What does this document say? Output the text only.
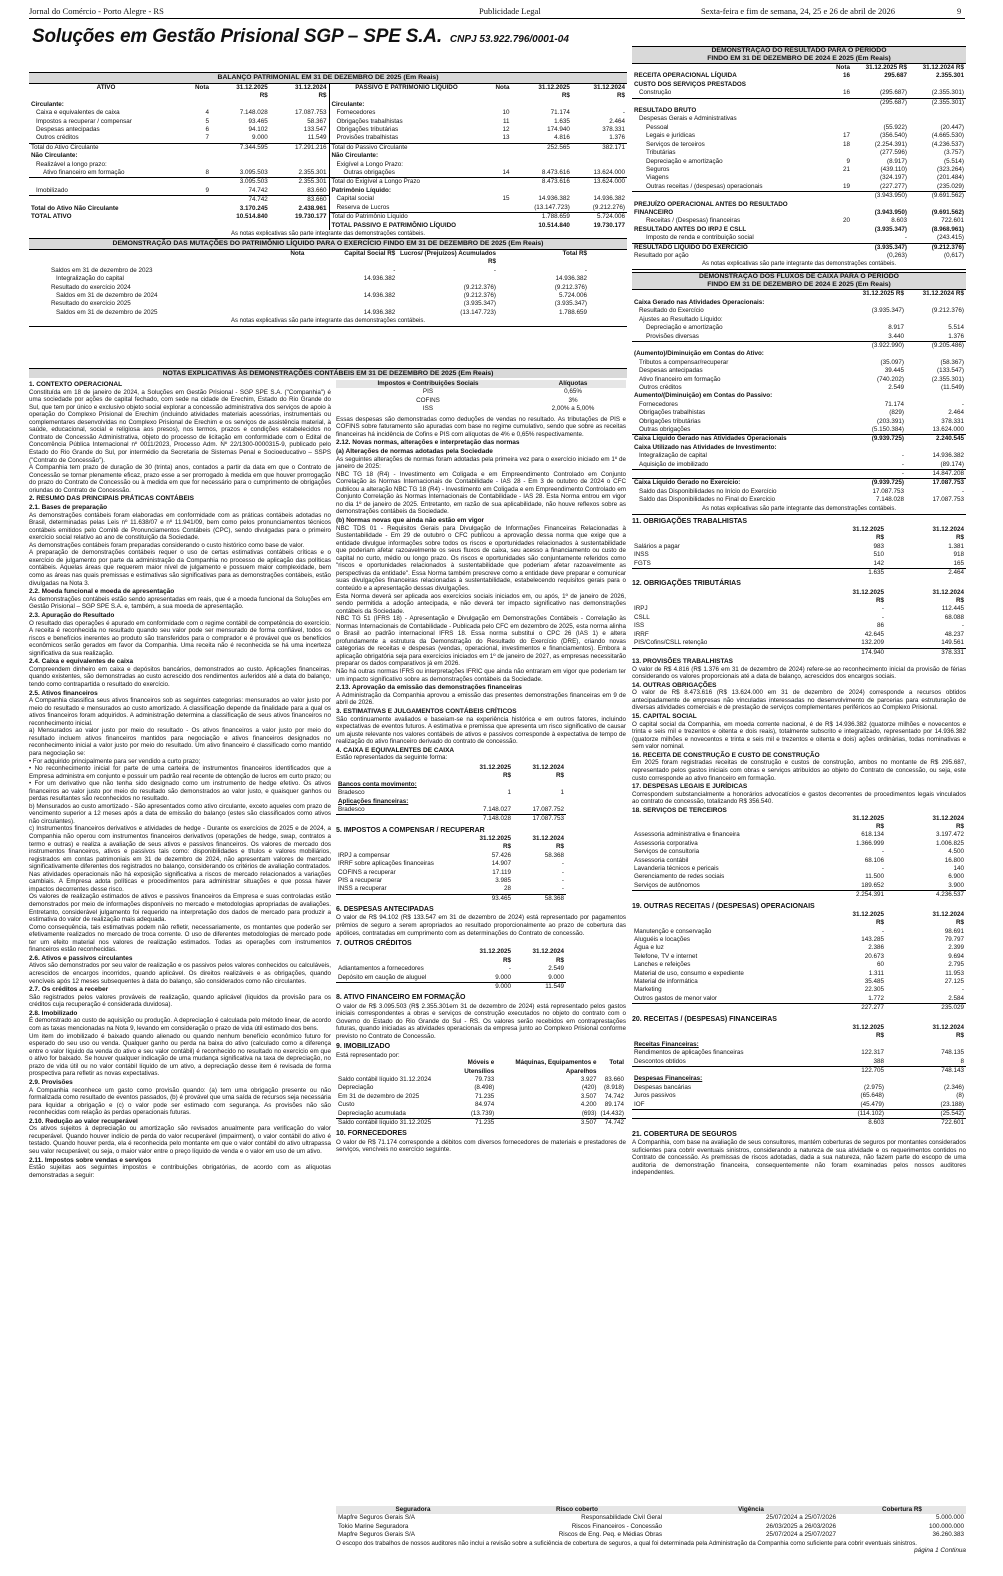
Jornal do Comércio - Porto Alegre - RS	Publicidade Legal	Sexta-feira e fim de semana, 24, 25 e 26 de abril de 2026	9
Soluções em Gestão Prisional SGP – SPE S.A. CNPJ 53.922.796/0001-04
BALANÇO PATRIMONIAL EM 31 DE DEZEMBRO DE 2025 (Em Reais)
ATIVO	Nota	31.12.2025	31.12.2024
		R$	R$
Circulante:			
Caixa e equivalentes de caixa	4	7.148.028	17.087.753
Impostos a recuperar / compensar	5	93.465	58.367
Despesas antecipadas	6	94.102	133.547
Outros créditos	7	9.000	11.549
Total do Ativo Circulante		7.344.595	17.291.216
Não Circulante:			
Realizável a longo prazo:			
Ativo financeiro em formação	8	3.095.503	2.355.301
		3.095.503	2.355.301
Imobilizado	9	74.742	83.660
		74.742	83.660

Total do Ativo Não Circulante		3.170.245	2.438.961
TOTAL ATIVO		10.514.840	19.730.177
PASSIVO E PATRIMÔNIO LÍQUIDO	Nota	31.12.2025	31.12.2024
		R$	R$
Circulante:			
Fornecedores	10	71.174	-
Obrigações trabalhistas	11	1.635	2.464
Obrigações tributárias	12	174.940	378.331
Provisões trabalhistas	13	4.816	1.376
Total do Passivo Circulante		252.565	382.171
Não Circulante:			
Exigível a Longo Prazo:			
Outras obrigações	14	8.473.616	13.624.000
Total do Exigível a Longo Prazo		8.473.616	13.624.000
Patrimônio Líquido:			
Capital social	15	14.936.382	14.936.382
Reserva de Lucros		(13.147.723)	(9.212.276)
Total do Patrimônio Líquido		1.788.659	5.724.006
TOTAL PASSIVO E PATRIMÔNIO LÍQUIDO		10.514.840	19.730.177
As notas explicativas são parte integrante das demonstrações contábeis.
DEMONSTRAÇÃO DAS MUTAÇÕES DO PATRIMÔNIO LÍQUIDO PARA O EXERCÍCIO FINDO EM 31 DE DEZEMBRO DE 2025 (Em Reais)
	Nota	Capital Social R$	Lucros/ (Prejuízos) Acumulados R$	Total R$
Saldos em 31 de dezembro de 2023		-	-	-
Integralização do capital		14.936.382		14.936.382
Resultado do exercício 2024			(9.212.376)	(9.212.376)
Saldos em 31 de dezembro de 2024		14.936.382	(9.212.376)	5.724.006
Resultado do exercício 2025			(3.935.347)	(3.935.347)
Saldos em 31 de dezembro de 2025		14.936.382	(13.147.723)	1.788.659
As notas explicativas são parte integrante das demonstrações contábeis.
NOTAS EXPLICATIVAS ÀS DEMONSTRAÇÕES CONTÁBEIS EM 31 DE DEZEMBRO DE 2025 (Em Reais)
1. CONTEXTO OPERACIONAL

Constituída em 18 de janeiro de 2024, a Soluções em Gestão Prisional - SGP SPE S.A. ("Companhia") é uma sociedade por ações de capital fechado, com sede na cidade de Erechim, Estado do Rio Grande do Sul, que tem por único e exclusivo objeto social explorar a concessão administrativa dos serviços de apoio à operação do Complexo Prisional de Erechim (incluindo atividades materiais acessórias, instrumentais ou complementares desenvolvidas no Complexo Prisional de Erechim e os serviços de assistência material, à saúde, educacional, social e religiosa aos presos), nos termos, prazos e condições estabelecidos no Contrato de Concessão Administrativa, objeto do processo de licitação em conformidade com o Edital de Concorrência Pública Internacional nº 0011/2023, Processo Adm. Nº 22/1300-0000315-9, publicado pelo Estado do Rio Grande do Sul, por intermédio da Secretaria de Sistemas Penal e Socioeducativo – SSPS ("Contrato de Concessão").

A Companhia tem prazo de duração de 30 (trinta) anos, contados a partir da data em que o Contrato de Concessão se tornar plenamente eficaz, prazo esse a ser prorrogado à medida em que houver prorrogação do prazo do Contrato de Concessão ou à medida em que for necessário para o cumprimento de obrigações oriundas do Contrato de Concessão.

2. RESUMO DAS PRINCIPAIS PRÁTICAS CONTÁBEIS
2.1. Bases de preparação

As demonstrações contábeis foram elaboradas em conformidade com as práticas contábeis adotadas no Brasil, determinadas pelas Leis nº 11.638/07 e nº 11.941/09, bem como pelos pronunciamentos técnicos contábeis emitidos pelo Comitê de Pronunciamentos Contábeis (CPC), sendo divulgadas para o primeiro exercício social relativo ao ano de constituição da Sociedade.

As demonstrações contábeis foram preparadas considerando o custo histórico como base de valor.

A preparação de demonstrações contábeis requer o uso de certas estimativas contábeis críticas e o exercício de julgamento por parte da administração da Companhia no processo de aplicação das políticas contábeis. Aquelas áreas que requerem maior nível de julgamento e possuem maior complexidade, bem como as áreas nas quais premissas e estimativas são significativas para as demonstrações contábeis, estão divulgadas na Nota 3.

2.2. Moeda funcional e moeda de apresentação

As demonstrações contábeis estão sendo apresentadas em reais, que é a moeda funcional da Soluções em Gestão Prisional – SGP SPE S.A. e, também, a sua moeda de apresentação.

2.3. Apuração do Resultado

O resultado das operações é apurado em conformidade com o regime contábil de competência do exercício. A receita é reconhecida no resultado quando seu valor pode ser mensurado de forma confiável, todos os riscos e benefícios inerentes ao produto são transferidos para o comprador e é provável que os benefícios econômicos serão gerados em favor da Companhia. Uma receita não é reconhecida se há uma incerteza significativa da sua realização.

2.4. Caixa e equivalentes de caixa

Compreendem dinheiro em caixa e depósitos bancários, demonstrados ao custo. Aplicações financeiras, quando existentes, são demonstradas ao custo acrescido dos rendimentos auferidos até a data do balanço, tendo como contrapartida o resultado do exercício.

2.5. Ativos financeiros

A Companhia classifica seus ativos financeiros sob as seguintes categorias: mensurados ao valor justo por meio do resultado e mensurados ao custo amortizado. A classificação depende da finalidade para a qual os ativos financeiros foram adquiridos. A administração determina a classificação de seus ativos financeiros no reconhecimento inicial.

a) Mensurados ao valor justo por meio do resultado - Os ativos financeiros a valor justo por meio do resultado incluem ativos financeiros mantidos para negociação e ativos financeiros designados no reconhecimento inicial a valor justo por meio do resultado. Um ativo financeiro é classificado como mantido para negociação se:

• For adquirido principalmente para ser vendido a curto prazo;

• No reconhecimento inicial for parte de uma carteira de instrumentos financeiros identificados que a Empresa administra em conjunto e possuir um padrão real recente de obtenção de lucros em curto prazo; ou

• For um derivativo que não tenha sido designado como um instrumento de hedge efetivo. Os ativos financeiros ao valor justo por meio do resultado são demonstrados ao valor justo, e quaisquer ganhos ou perdas resultantes são reconhecidos no resultado.

b) Mensurados ao custo amortizado - São apresentados como ativo circulante, exceto aqueles com prazo de vencimento superior a 12 meses após a data de emissão do balanço (estes são classificados como ativos não circulantes).

c) Instrumentos financeiros derivativos e atividades de hedge - Durante os exercícios de 2025 e de 2024, a Companhia não operou com instrumentos financeiros derivativos (operações de hedge, swap, contratos a termo e outras) e realiza a avaliação de seus ativos e passivos financeiros. Os valores de mercado dos instrumentos financeiros, ativos e passivos tais como: disponibilidades e títulos e valores mobiliários, registrados em contas patrimoniais em 31 de dezembro de 2024, não apresentam valores de mercado significativamente diferentes dos registrados no balanço, considerando os critérios de avaliação contratados.

Nas atividades operacionais não há exposição significativa a riscos de mercado relacionados a variações cambiais. A Empresa adota políticas e procedimentos para administrar situações e que possa haver impactos decorrentes desse risco.

Os valores de realização estimados de ativos e passivos financeiros da Empresa e suas controladas estão demonstrados por meio de informações disponíveis no mercado e metodologias apropriadas de avaliações. Entretanto, considerável julgamento foi requerido na interpretação dos dados de mercado para produzir a estimativa do valor de realização mais adequada.

Como consequência, tais estimativas podem não refletir, necessariamente, os montantes que poderão ser efetivamente realizados no mercado de troca corrente. O uso de diferentes metodologias de mercado pode ter um efeito material nos valores de realização estimados. Todas as operações com instrumentos financeiros estão reconhecidas.

2.6. Ativos e passivos circulantes

Ativos são demonstrados por seu valor de realização e os passivos pelos valores conhecidos ou calculáveis, acrescidos de encargos incorridos, quando aplicável. Os direitos realizáveis e as obrigações, quando vencíveis após 12 meses subsequentes à data do balanço, são considerados como não circulantes.

2.7. Os créditos a receber

São registrados pelos valores prováveis de realização, quando aplicável (liquidos da provisão para os créditos cuja recuperação é considerada duvidosa).

2.8. Imobilizado

É demonstrado ao custo de aquisição ou produção. A depreciação é calculada pelo método linear, de acordo com as taxas mencionadas na Nota 9, levando em consideração o prazo de vida útil estimado dos bens.

Um item do imobilizado é baixado quando alienado ou quando nenhum benefício econômico futuro for esperado do seu uso ou venda. Qualquer ganho ou perda na baixa do ativo (calculado como a diferença entre o valor líquido da venda do ativo e seu valor contábil) é reconhecido no resultado no exercício em que o ativo for baixado. Se houver qualquer indicação de uma mudança significativa na taxa de depreciação, no prazo de vida útil ou no valor contábil líquido de um ativo, a depreciação desse item é revisada de forma prospectiva para refletir as novas expectativas.

2.9. Provisões

A Companhia reconhece um gasto como provisão quando: (a) tem uma obrigação presente ou não formalizada como resultado de eventos passados, (b) é provável que uma saída de recursos seja necessária para liquidar a obrigação e (c) o valor pode ser estimado com segurança. As provisões não são reconhecidas com relação às perdas operacionais futuras.

2.10. Redução ao valor recuperável

Os ativos sujeitos à depreciação ou amortização são revisados anualmente para verificação do valor recuperável. Quando houver indício de perda do valor recuperável (impairment), o valor contábil do ativo é testado. Quando houver perda, ela é reconhecida pelo montante em que o valor contábil do ativo ultrapassa seu valor recuperável; ou seja, o maior valor entre o preço líquido de venda e o valor em uso de um ativo.

2.11. Impostos sobre vendas e serviços

Estão sujeitas aos seguintes impostos e contribuições obrigatórias, de acordo com as alíquotas demonstradas a seguir:

Impostos e Contribuições Sociais	Alíquotas
PIS	0,65%
COFINS	3%
ISS	2,00% a 5,00%

Essas despesas são demonstradas como deduções de vendas no resultado. As tributações de PIS e COFINS sobre faturamento são apuradas com base no regime cumulativo, sendo que sobre as receitas financeiras há incidência de Cofins e PIS com alíquotas de 4% e 0,65% respectivamente.

2.12. Novas normas, alterações e interpretação das normas
(a) Alterações de normas adotadas pela Sociedade

As seguintes alterações de normas foram adotadas pela primeira vez para o exercício iniciado em 1º de janeiro de 2025:

NBC TG 18 (R4) - Investimento em Coligada e em Empreendimento Controlado em Conjunto Correlação às Normas Internacionais de Contabilidade - IAS 28 - Em 3 de outubro de 2024 o CFC publicou a alteração NBC TG 18 (R4) - Investimento em Coligada e em Empreendimento Controlado em Conjunto Correlação às Normas Internacionais de Contabilidade - IAS 28. Esta Norma entrou em vigor no dia 1º de janeiro de 2025. Entretanto, em razão de sua aplicabilidade, não houve reflexos sobre as demonstrações contábeis da Sociedade.

(b) Normas novas que ainda não estão em vigor

NBC TDS 01 - Requisitos Gerais para Divulgação de Informações Financeiras Relacionadas à Sustentabilidade - Em 29 de outubro o CFC publicou a aprovação dessa norma que exige que a entidade divulgue informações sobre todos os riscos e oportunidades relacionados à sustentabilidade que poderiam afetar razoavelmente os seus fluxos de caixa, seu acesso a financiamento ou custo de capital no curto, médio ou longo prazo. Os riscos e oportunidades são conjuntamente referidos como "riscos e oportunidades relacionados à sustentabilidade que poderiam afetar razoavelmente as perspectivas da entidade". Essa Norma também prescreve como a entidade deve preparar e comunicar suas divulgações financeiras relacionadas à sustentabilidade, estabelecendo requisitos gerais para o conteúdo e a apresentação dessas divulgações.

Esta Norma deverá ser aplicada aos exercícios sociais iniciados em, ou após, 1º de janeiro de 2026, sendo permitida a adoção antecipada, e não deverá ter impacto significativo nas demonstrações contábeis da Sociedade.

NBC TG 51 (IFRS 18) - Apresentação e Divulgação em Demonstrações Contábeis - Correlação às Normas Internacionais de Contabilidade - Publicada pelo CFC em dezembro de 2025, esta norma alinha o Brasil ao padrão internacional IFRS 18. Essa norma substitui o CPC 26 (IAS 1) e altera profundamente a estrutura da Demonstração do Resultado do Exercício (DRE), criando novas categorias de receitas e despesas (vendas, operacional, investimentos e financiamentos). Embora a aplicação obrigatória seja para exercícios iniciados em 1º de janeiro de 2027, as empresas necessitarão preparar os dados comparativos já em 2026.

Não há outras normas IFRS ou interpretações IFRIC que ainda não entraram em vigor que poderiam ter um impacto significativo sobre as demonstrações contábeis da Sociedade.

2.13. Aprovação da emissão das demonstrações financeiras

A Administração da Companhia aprovou a emissão das presentes demonstrações financeiras em 9 de abril de 2026.

3. ESTIMATIVAS E JULGAMENTOS CONTÁBEIS CRÍTICOS

São continuamente avaliados e baseiam-se na experiência histórica e em outros fatores, incluindo expectativas de eventos futuros. A estimativa e premissa que apresenta um risco significativo de causar um ajuste relevante nos valores contábeis de ativos e passivos corresponde à expectativa de tempo de realização do ativo financeiro derivado do contrato de concessão.

4. CAIXA E EQUIVALENTES DE CAIXA

Estão representados da seguinte forma:

	31.12.2025	31.12.2024
	R$	R$
Bancos conta movimento:		
Bradesco	1	1
Aplicações financeiras:		
Bradesco	7.148.027	17.087.752
	7.148.028	17.087.753
5. IMPOSTOS A COMPENSAR / RECUPERAR
	31.12.2025	31.12.2024
	R$	R$
IRPJ a compensar	57.426	58.368
IRRF sobre aplicações financeiras	14.907	-
COFINS a recuperar	17.119	-
PIS a recuperar	3.985	-
INSS a recuperar	28	-
	93.465	58.368
6. DESPESAS ANTECIPADAS

O valor de R$ 94.102 (R$ 133.547 em 31 de dezembro de 2024) está representado por pagamentos prêmios de seguro a serem apropriados ao resultado proporcionalmente ao prazo de cobertura das apólices, contratadas em cumprimento com as determinações do Contrato de concessão.

7. OUTROS CRÉDITOS
	31.12.2025	31.12.2024
	R$	R$
Adiantamentos a fornecedores	-	2.549
Depósito em caução de aluguel	9.000	9.000
	9.000	11.549
8. ATIVO FINANCEIRO EM FORMAÇÃO

O valor de R$ 3.095.503 (R$ 2.355.301em 31 de dezembro de 2024) está representado pelos gastos iniciais correspondentes a obras e serviços de construção executados no objeto do contrato com o Governo do Estado do Rio Grande do Sul - RS. Os valores serão recebidos em contraprestações futuras, quando iniciadas as atividades operacionais da empresa junto ao Complexo Prisional conforme previsto no Contrato de Concessão.

9. IMOBILIZADO

Está representado por:

	Móveis e Utensílios	Máquinas, Equipamentos e Aparelhos	Total
Saldo contábil líquido 31.12.2024	79.733	3.927	83.660
Depreciação	(8.498)	(420)	(8.918)
Em 31 de dezembro de 2025	71.235	3.507	74.742
Custo	84.974	4.200	89.174
Depreciação acumulada	(13.739)	(693)	(14.432)
Saldo contábil líquido 31.12.2025	71.235	3.507	74.742
10. FORNECEDORES

O valor de R$ 71.174 corresponde a débitos com diversos fornecedores de materiais e prestadores de serviços, vencíveis no exercício seguinte.

DEMONSTRAÇÃO DO RESULTADO PARA O PERÍODO
FINDO EM 31 DE DEZEMBRO DE 2024 E 2025 (Em Reais)
	Nota	31.12.2025 R$	31.12.2024 R$
RECEITA OPERACIONAL LÍQUIDA	16	295.687	2.355.301
CUSTO DOS SERVIÇOS PRESTADOS			
Construção	16	(295.687)	(2.355.301)
		(295.687)	(2.355.301)
RESULTADO BRUTO			
Despesas Gerais e Administrativas			
Pessoal		(55.922)	(20.447)
Legais e jurídicas	17	(356.540)	(4.665.530)
Serviços de terceiros	18	(2.254.391)	(4.236.537)
Tributárias		(277.596)	(3.757)
Depreciação e amortização	9	(8.917)	(5.514)
Seguros	21	(439.110)	(323.264)
Viagens		(324.197)	(201.484)
Outras receitas / (despesas) operacionais	19	(227.277)	(235.029)
		(3.943.950)	(9.691.562)
PREJUÍZO OPERACIONAL ANTES DO RESULTADO			
FINANCEIRO		(3.943.950)	(9.691.562)
Receitas / (Despesas) financeiras	20	8.603	722.601
RESULTADO ANTES DO IRPJ E CSLL		(3.935.347)	(8.968.961)
Imposto de renda e contribuição social		-	(243.415)
RESULTADO LÍQUIDO DO EXERCÍCIO		(3.935.347)	(9.212.376)
Resultado por ação		(0,263)	(0,617)
As notas explicativas são parte integrante das demonstrações contábeis.
DEMONSTRAÇÃO DOS FLUXOS DE CAIXA PARA O PERÍODO
FINDO EM 31 DE DEZEMBRO DE 2024 E 2025 (Em Reais)
	31.12.2025 R$	31.12.2024 R$
Caixa Gerado nas Atividades Operacionais:		
Resultado do Exercício	(3.935.347)	(9.212.376)
Ajustes ao Resultado Líquido:		
Depreciação e amortização	8.917	5.514
Provisões diversas	3.440	1.376
	(3.922.990)	(9.205.486)
(Aumento)/Diminuição em Contas do Ativo:		
Tributos a compensar/recuperar	(35.097)	(58.367)
Despesas antecipadas	39.445	(133.547)
Ativo financeiro em formação	(740.202)	(2.355.301)
Outros créditos	2.549	(11.549)
Aumento/(Diminuição) em Contas do Passivo:		
Fornecedores	71.174	-
Obrigações trabalhistas	(829)	2.464
Obrigações tributárias	(203.391)	378.331
Outras obrigações	(5.150.384)	13.624.000
Caixa Líquido Gerado nas Atividades Operacionais	(9.939.725)	2.240.545

Caixa Utilizado nas Atividades de Investimento:		
Integralização de capital	-	14.936.382
Aquisição de imobilizado	-	(89.174)
	-	14.847.208
Caixa Líquido Gerado no Exercício:	(9.939.725)	17.087.753
Saldo das Disponibilidades no Início do Exercício	17.087.753	-
Saldo das Disponibilidades no Final do Exercício	7.148.028	17.087.753
As notas explicativas são parte integrante das demonstrações contábeis.
11. OBRIGAÇÕES TRABALHISTAS
	31.12.2025	31.12.2024
	R$	R$
Salários a pagar	983	1.381
INSS	510	918
FGTS	142	165
	1.635	2.464
12. OBRIGAÇÕES TRIBUTÁRIAS
	31.12.2025	31.12.2024
	R$	R$
IRPJ	-	112.445
CSLL	-	68.088
ISS	86	-
IRRF	42.645	48.237
PIS/Cofins/CSLL retenção	132.209	149.561
	174.940	378.331
13. PROVISÕES TRABALHISTAS

O valor de R$ 4.816 (R$ 1.376 em 31 de dezembro de 2024) refere-se ao reconhecimento inicial da provisão de férias considerando os valores proporcionais até a data de balanço, acrescidos dos encargos sociais.

14. OUTRAS OBRIGAÇÕES

O valor de R$ 8.473.616 (R$ 13.624.000 em 31 de dezembro de 2024) corresponde a recursos obtidos antecipadamente de empresas não vinculadas interessadas no desenvolvimento de parcerias para estruturação de diversas atividades comerciais e de prestação de serviços complementares periféricos ao Complexo Prisional.

15. CAPITAL SOCIAL

O capital social da Companhia, em moeda corrente nacional, é de R$ 14.936.382 (quatorze milhões e novecentos e trinta e seis mil e trezentos e oitenta e dois reais), totalmente subscrito e integralizado, representado por 14.936.382 (quatorze milhões e novecentos e trinta e seis mil e trezentos e oitenta e dois) ações ordinárias, todas nominativas e sem valor nominal.

16. RECEITA DE CONSTRUÇÃO E CUSTO DE CONSTRUÇÃO

Em 2025 foram registradas receitas de construção e custos de construção, ambos no montante de R$ 295.687, representado pelos gastos iniciais com obras e serviços atribuídos ao objeto do Contrato de concessão, ou seja, este custo corresponde ao ativo financeiro em formação.

17. DESPESAS LEGAIS E JURÍDICAS

Correspondem substancialmente a honorários advocatícios e gastos decorrentes de procedimentos legais vinculados ao contrato de concessão, totalizando R$ 356.540.

18. SERVIÇOS DE TERCEIROS
	31.12.2025	31.12.2024
	R$	R$
Assessoria administrativa e financeira	618.134	3.197.472
Assessoria corporativa	1.366.999	1.006.825
Serviços de consultoria	-	4.500
Assessoria contábil	68.106	16.800
Lavanderia técnicos e pericais	-	140
Gerenciamento de redes sociais	11.500	6.900
Serviços de autônomos	189.652	3.900
	2.254.391	4.236.537
19. OUTRAS RECEITAS / (DESPESAS) OPERACIONAIS
	31.12.2025	31.12.2024
	R$	R$
Manutenção e conservação	-	98.691
Aluguéis e locações	143.285	79.797
Água e luz	2.386	2.399
Telefone, TV e internet	20.673	9.694
Lanches e refeições	60	2.795
Material de uso, consumo e expediente	1.311	11.953
Material de informática	35.485	27.125
Marketing	22.305	-
Outros gastos de menor valor	1.772	2.584
	227.277	235.029
20. RECEITAS / (DESPESAS) FINANCEIRAS
	31.12.2025	31.12.2024
	R$	R$
Receitas Financeiras:		
Rendimentos de aplicações financeiras	122.317	748.135
Descontos obtidos	388	8
	122.705	748.143
Despesas Financeiras:		
Despesas bancárias	(2.975)	(2.346)
Juros passivos	(65.648)	(8)
IOF	(45.479)	(23.188)
	(114.102)	(25.542)
	8.603	722.601
21. COBERTURA DE SEGUROS

A Companhia, com base na avaliação de seus consultores, mantém coberturas de seguros por montantes considerados suficientes para cobrir eventuais sinistros, considerando a natureza de sua atividade e os requerimentos contidos no Contrato de concessão. As premissas de riscos adotadas, dada a sua natureza, não fazem parte do escopo de uma auditoria de demonstração financeira, consequentemente não foram examinadas pelos nossos auditores independentes.

Seguradora	Risco coberto	Vigência	Cobertura R$
Mapfre Seguros Gerais S/A	Responsabilidade Civil Geral	25/07/2024 a 25/07/2026	5.000.000
Tokio Marine Seguradora	Riscos Financeiros - Concessão	26/03/2025 a 26/03/2026	100.000.000
Mapfre Seguros Gerais S/A	Riscos de Eng. Peq. e Médias Obras	25/07/2024 a 25/07/2027	36.260.383

O escopo dos trabalhos de nossos auditores não inclui a revisão sobre a suficiência de cobertura de seguros, a qual foi determinada pela Administração da Companhia como suficiente para cobrir eventuais sinistros.

página 1 Continua
